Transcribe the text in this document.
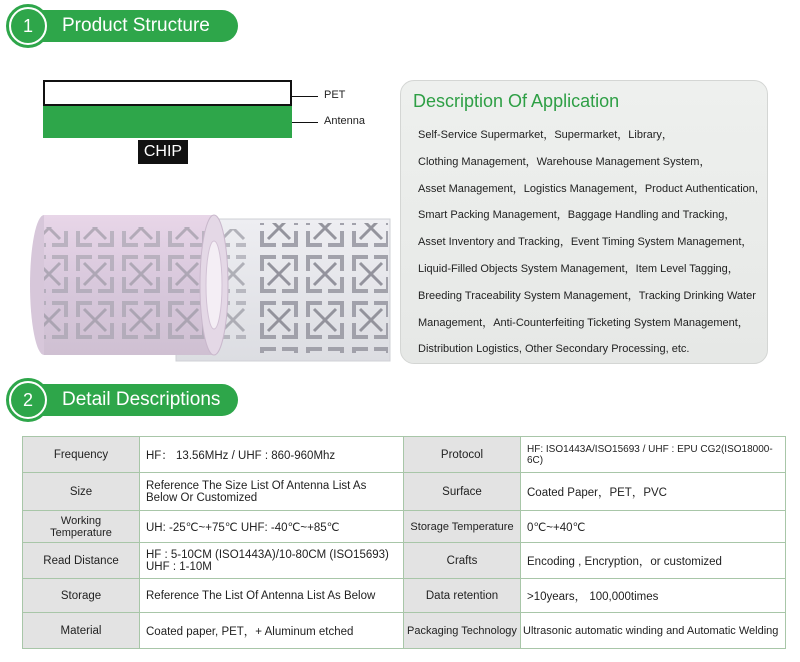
Product Structure
1
CHIP
PET
Antenna
Description Of Application
Self-Service Supermarket，Supermarket，Library，
Clothing Management，Warehouse Management System，
Asset Management，Logistics Management，Product Authentication,
Smart Packing Management，Baggage Handling and Tracking，
Asset Inventory and Tracking，Event Timing System Management，
Liquid-Filled Objects System Management，Item Level Tagging，
Breeding Traceability System Management，Tracking Drinking Water
Management，Anti-Counterfeiting Ticketing System Management，
Distribution Logistics, Other Secondary Processing, etc.
Detail Descriptions
2
Frequency	HF： 13.56MHz / UHF : 860-960Mhz	Protocol	HF: ISO1443A/ISO15693 / UHF : EPU CG2(ISO18000-6C)
Size	Reference The Size List Of Antenna List As Below Or Customized	Surface	Coated Paper，PET，PVC
Working Temperature	UH: -25℃~+75℃ UHF: -40℃~+85℃	Storage Temperature	0℃~+40℃
Read Distance	HF : 5-10CM (ISO1443A)/10-80CM (ISO15693) UHF : 1-10M	Crafts	Encoding , Encryption，or customized
Storage	Reference The List Of Antenna List As Below	Data retention	>10years， 100,000times
Material	Coated paper, PET，+ Aluminum etched	Packaging Technology	Ultrasonic automatic winding and Automatic Welding
